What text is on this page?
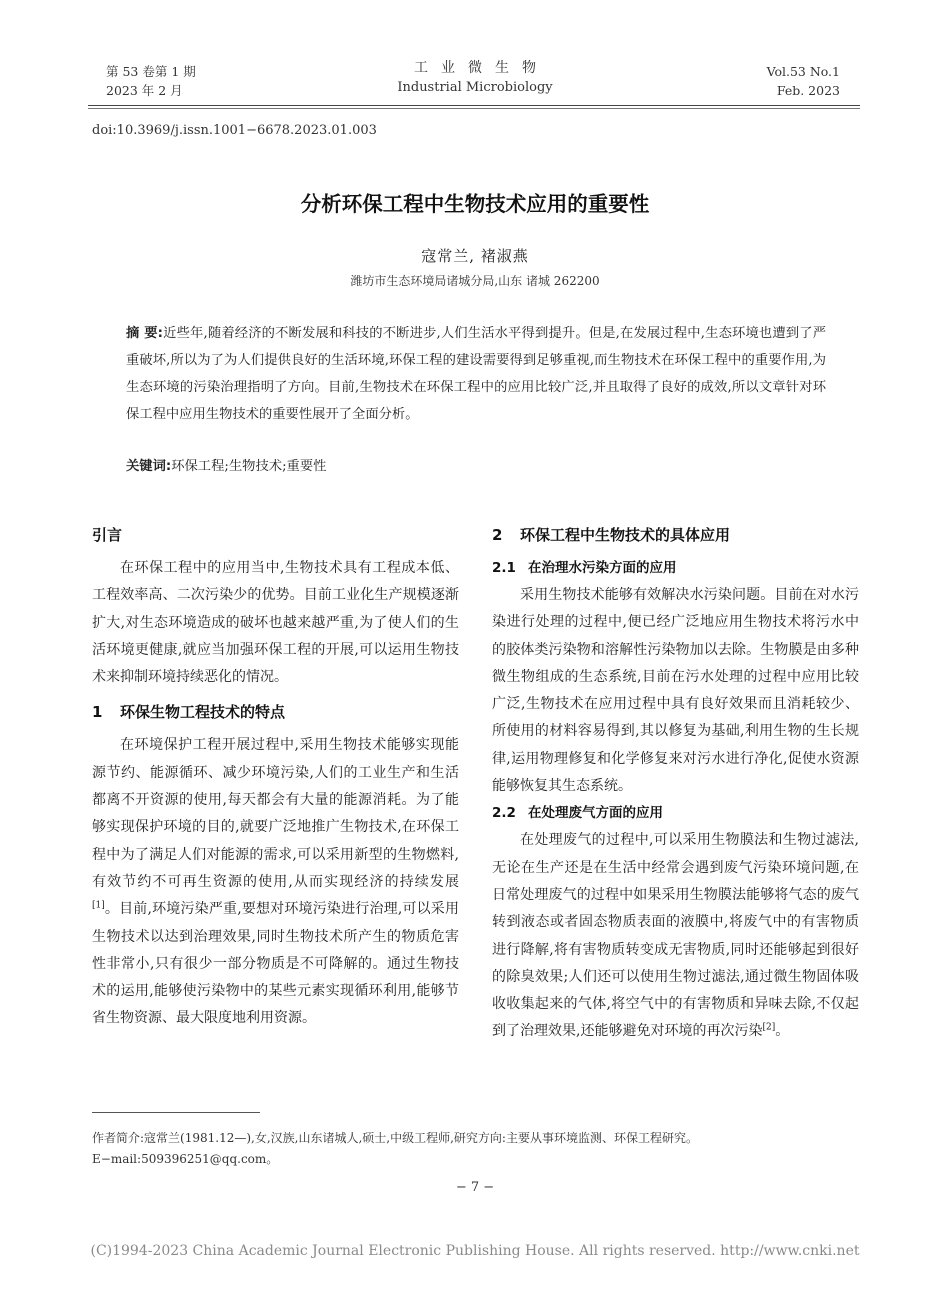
第 53 卷第 1 期
2023 年 2 月
工业微生物
Industrial Microbiology
Vol.53 No.1
Feb. 2023
doi:10.3969/j.issn.1001−6678.2023.01.003
分析环保工程中生物技术应用的重要性
寇常兰, 褚淑燕
潍坊市生态环境局诸城分局,山东 诸城 262200
摘 要:近些年,随着经济的不断发展和科技的不断进步,人们生活水平得到提升。但是,在发展过程中,生态环境也遭到了严重破坏,所以为了为人们提供良好的生活环境,环保工程的建设需要得到足够重视,而生物技术在环保工程中的重要作用,为生态环境的污染治理指明了方向。目前,生物技术在环保工程中的应用比较广泛,并且取得了良好的成效,所以文章针对环保工程中应用生物技术的重要性展开了全面分析。
关键词:环保工程;生物技术;重要性
引言

在环保工程中的应用当中,生物技术具有工程成本低、工程效率高、二次污染少的优势。目前工业化生产规模逐渐扩大,对生态环境造成的破坏也越来越严重,为了使人们的生活环境更健康,就应当加强环保工程的开展,可以运用生物技术来抑制环境持续恶化的情况。

1 环保生物工程技术的特点

在环境保护工程开展过程中,采用生物技术能够实现能源节约、能源循环、减少环境污染,人们的工业生产和生活都离不开资源的使用,每天都会有大量的能源消耗。为了能够实现保护环境的目的,就要广泛地推广生物技术,在环保工程中为了满足人们对能源的需求,可以采用新型的生物燃料,有效节约不可再生资源的使用,从而实现经济的持续发展[1]。目前,环境污染严重,要想对环境污染进行治理,可以采用生物技术以达到治理效果,同时生物技术所产生的物质危害性非常小,只有很少一部分物质是不可降解的。通过生物技术的运用,能够使污染物中的某些元素实现循环利用,能够节省生物资源、最大限度地利用资源。

2 环保工程中生物技术的具体应用
2.1 在治理水污染方面的应用

采用生物技术能够有效解决水污染问题。目前在对水污染进行处理的过程中,便已经广泛地应用生物技术将污水中的胶体类污染物和溶解性污染物加以去除。生物膜是由多种微生物组成的生态系统,目前在污水处理的过程中应用比较广泛,生物技术在应用过程中具有良好效果而且消耗较少、所使用的材料容易得到,其以修复为基础,利用生物的生长规律,运用物理修复和化学修复来对污水进行净化,促使水资源能够恢复其生态系统。

2.2 在处理废气方面的应用

在处理废气的过程中,可以采用生物膜法和生物过滤法,无论在生产还是在生活中经常会遇到废气污染环境问题,在日常处理废气的过程中如果采用生物膜法能够将气态的废气转到液态或者固态物质表面的液膜中,将废气中的有害物质进行降解,将有害物质转变成无害物质,同时还能够起到很好的除臭效果;人们还可以使用生物过滤法,通过微生物固体吸收收集起来的气体,将空气中的有害物质和异味去除,不仅起到了治理效果,还能够避免对环境的再次污染[2]。

作者简介:寇常兰(1981.12—),女,汉族,山东诸城人,硕士,中级工程师,研究方向:主要从事环境监测、环保工程研究。E−mail:509396251@qq.com。
− 7 −
(C)1994-2023 China Academic Journal Electronic Publishing House. All rights reserved. http://www.cnki.net
